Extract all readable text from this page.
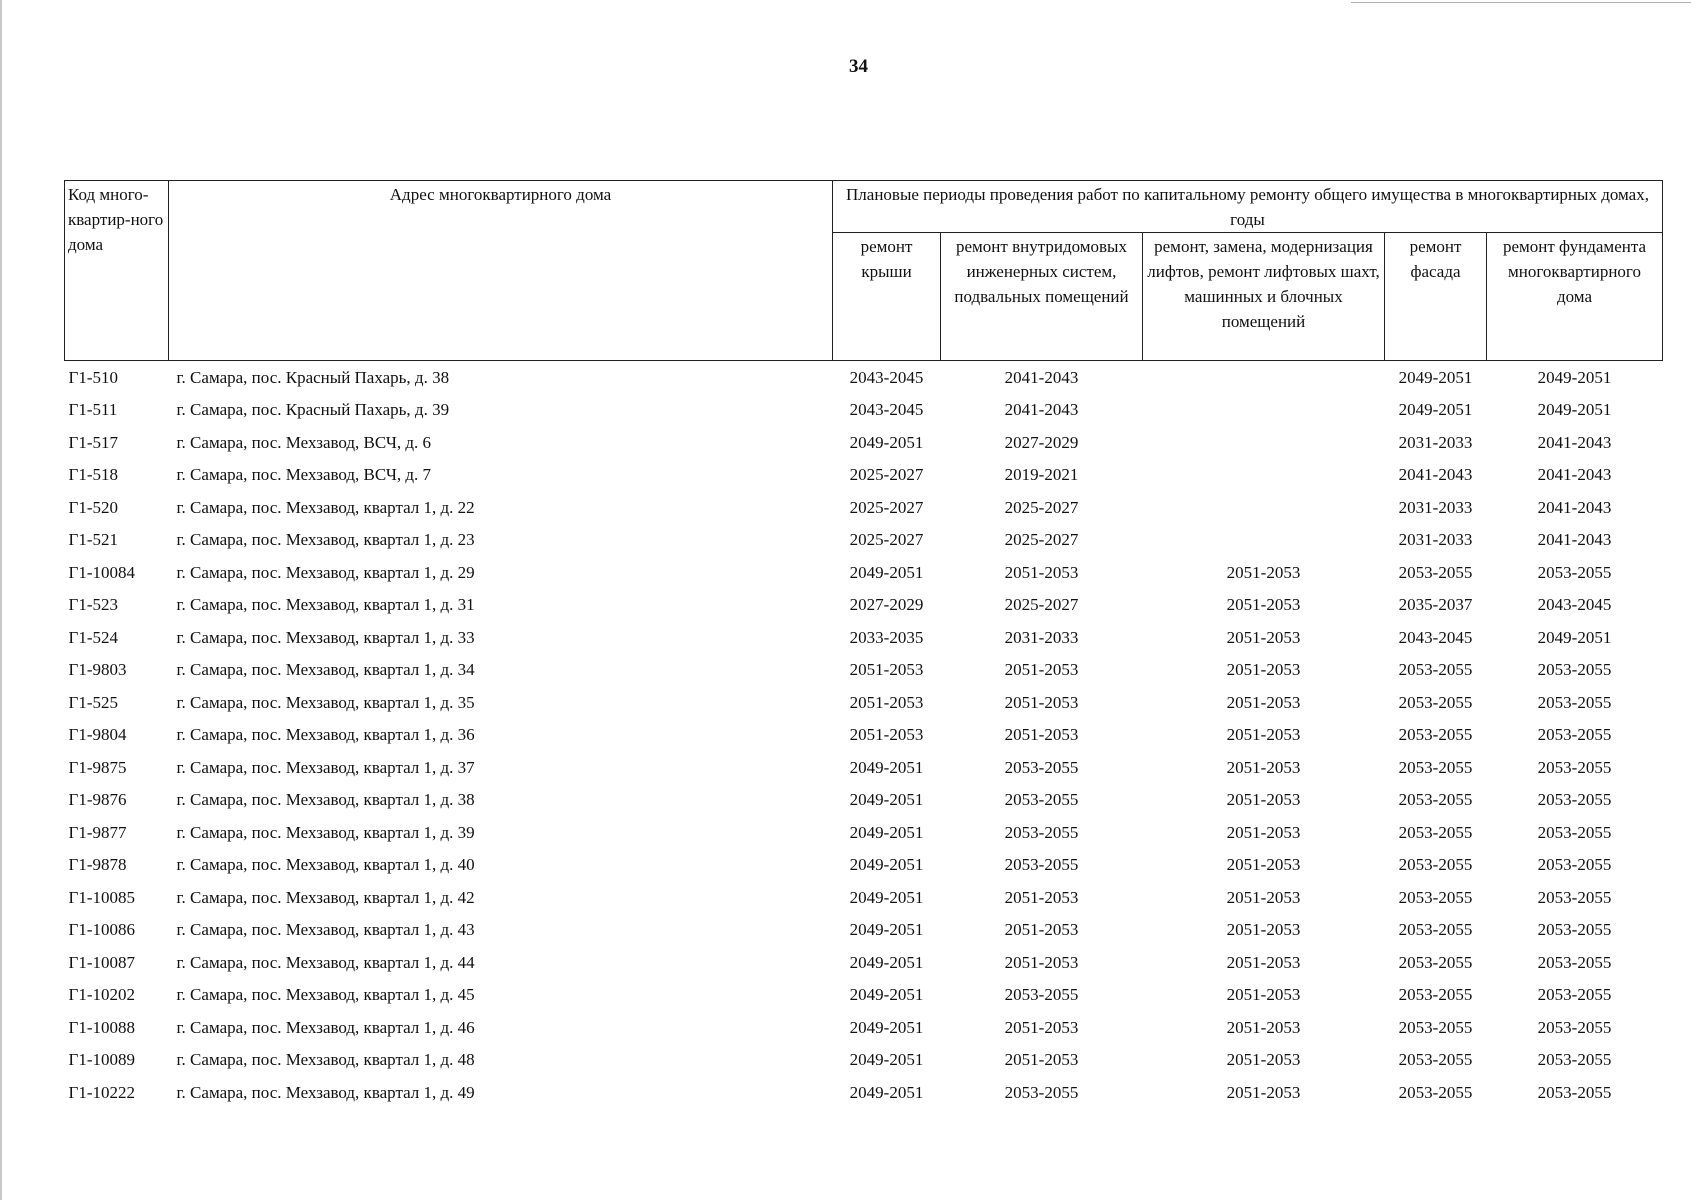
34
Код много-квартир-ного дома	Адрес многоквартирного дома	Плановые периоды проведения работ по капитальному ремонту общего имущества в многоквартирных домах, годы				
		ремонт крыши	ремонт внутридомовых инженерных систем, подвальных помещений	ремонт, замена, модернизация лифтов, ремонт лифтовых шахт, машинных и блочных помещений	ремонт фасада	ремонт фундамента многоквартирного дома
Г1-510	г. Самара, пос. Красный Пахарь, д. 38	2043-2045	2041-2043		2049-2051	2049-2051
Г1-511	г. Самара, пос. Красный Пахарь, д. 39	2043-2045	2041-2043		2049-2051	2049-2051
Г1-517	г. Самара, пос. Мехзавод, ВСЧ, д. 6	2049-2051	2027-2029		2031-2033	2041-2043
Г1-518	г. Самара, пос. Мехзавод, ВСЧ, д. 7	2025-2027	2019-2021		2041-2043	2041-2043
Г1-520	г. Самара, пос. Мехзавод, квартал 1, д. 22	2025-2027	2025-2027		2031-2033	2041-2043
Г1-521	г. Самара, пос. Мехзавод, квартал 1, д. 23	2025-2027	2025-2027		2031-2033	2041-2043
Г1-10084	г. Самара, пос. Мехзавод, квартал 1, д. 29	2049-2051	2051-2053	2051-2053	2053-2055	2053-2055
Г1-523	г. Самара, пос. Мехзавод, квартал 1, д. 31	2027-2029	2025-2027	2051-2053	2035-2037	2043-2045
Г1-524	г. Самара, пос. Мехзавод, квартал 1, д. 33	2033-2035	2031-2033	2051-2053	2043-2045	2049-2051
Г1-9803	г. Самара, пос. Мехзавод, квартал 1, д. 34	2051-2053	2051-2053	2051-2053	2053-2055	2053-2055
Г1-525	г. Самара, пос. Мехзавод, квартал 1, д. 35	2051-2053	2051-2053	2051-2053	2053-2055	2053-2055
Г1-9804	г. Самара, пос. Мехзавод, квартал 1, д. 36	2051-2053	2051-2053	2051-2053	2053-2055	2053-2055
Г1-9875	г. Самара, пос. Мехзавод, квартал 1, д. 37	2049-2051	2053-2055	2051-2053	2053-2055	2053-2055
Г1-9876	г. Самара, пос. Мехзавод, квартал 1, д. 38	2049-2051	2053-2055	2051-2053	2053-2055	2053-2055
Г1-9877	г. Самара, пос. Мехзавод, квартал 1, д. 39	2049-2051	2053-2055	2051-2053	2053-2055	2053-2055
Г1-9878	г. Самара, пос. Мехзавод, квартал 1, д. 40	2049-2051	2053-2055	2051-2053	2053-2055	2053-2055
Г1-10085	г. Самара, пос. Мехзавод, квартал 1, д. 42	2049-2051	2051-2053	2051-2053	2053-2055	2053-2055
Г1-10086	г. Самара, пос. Мехзавод, квартал 1, д. 43	2049-2051	2051-2053	2051-2053	2053-2055	2053-2055
Г1-10087	г. Самара, пос. Мехзавод, квартал 1, д. 44	2049-2051	2051-2053	2051-2053	2053-2055	2053-2055
Г1-10202	г. Самара, пос. Мехзавод, квартал 1, д. 45	2049-2051	2053-2055	2051-2053	2053-2055	2053-2055
Г1-10088	г. Самара, пос. Мехзавод, квартал 1, д. 46	2049-2051	2051-2053	2051-2053	2053-2055	2053-2055
Г1-10089	г. Самара, пос. Мехзавод, квартал 1, д. 48	2049-2051	2051-2053	2051-2053	2053-2055	2053-2055
Г1-10222	г. Самара, пос. Мехзавод, квартал 1, д. 49	2049-2051	2053-2055	2051-2053	2053-2055	2053-2055
